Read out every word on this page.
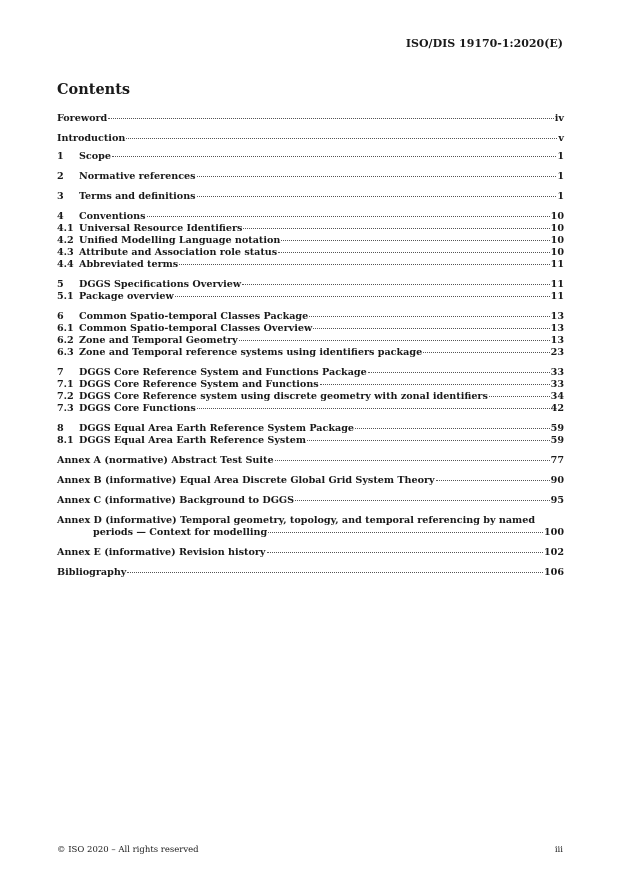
ISO/DIS 19170-1:2020(E)
Contents
Foreword	iv
Introduction	v
1	Scope	1
2	Normative references	1
3	Terms and definitions	1
4	Conventions	10
4.1 Universal Resource Identifiers	10
4.2 Unified Modelling Language notation	10
4.3 Attribute and Association role status	10
4.4 Abbreviated terms	11
5	DGGS Specifications Overview	11
5.1 Package overview	11
6	Common Spatio-temporal Classes Package	13
6.1 Common Spatio-temporal Classes Overview	13
6.2 Zone and Temporal Geometry	13
6.3 Zone and Temporal reference systems using identifiers package	23
7	DGGS Core Reference System and Functions Package	33
7.1 DGGS Core Reference System and Functions	33
7.2 DGGS Core Reference system using discrete geometry with zonal identifiers	34
7.3 DGGS Core Functions	42
8	DGGS Equal Area Earth Reference System Package	59
8.1 DGGS Equal Area Earth Reference System	59
Annex A (normative) Abstract Test Suite	77
Annex B (informative) Equal Area Discrete Global Grid System Theory	90
Annex C (informative) Background to DGGS	95
Annex D (informative) Temporal geometry, topology, and temporal referencing by named
periods — Context for modelling	100
Annex E (informative) Revision history	102
Bibliography	106
© ISO 2020 – All rights reserved	iii
